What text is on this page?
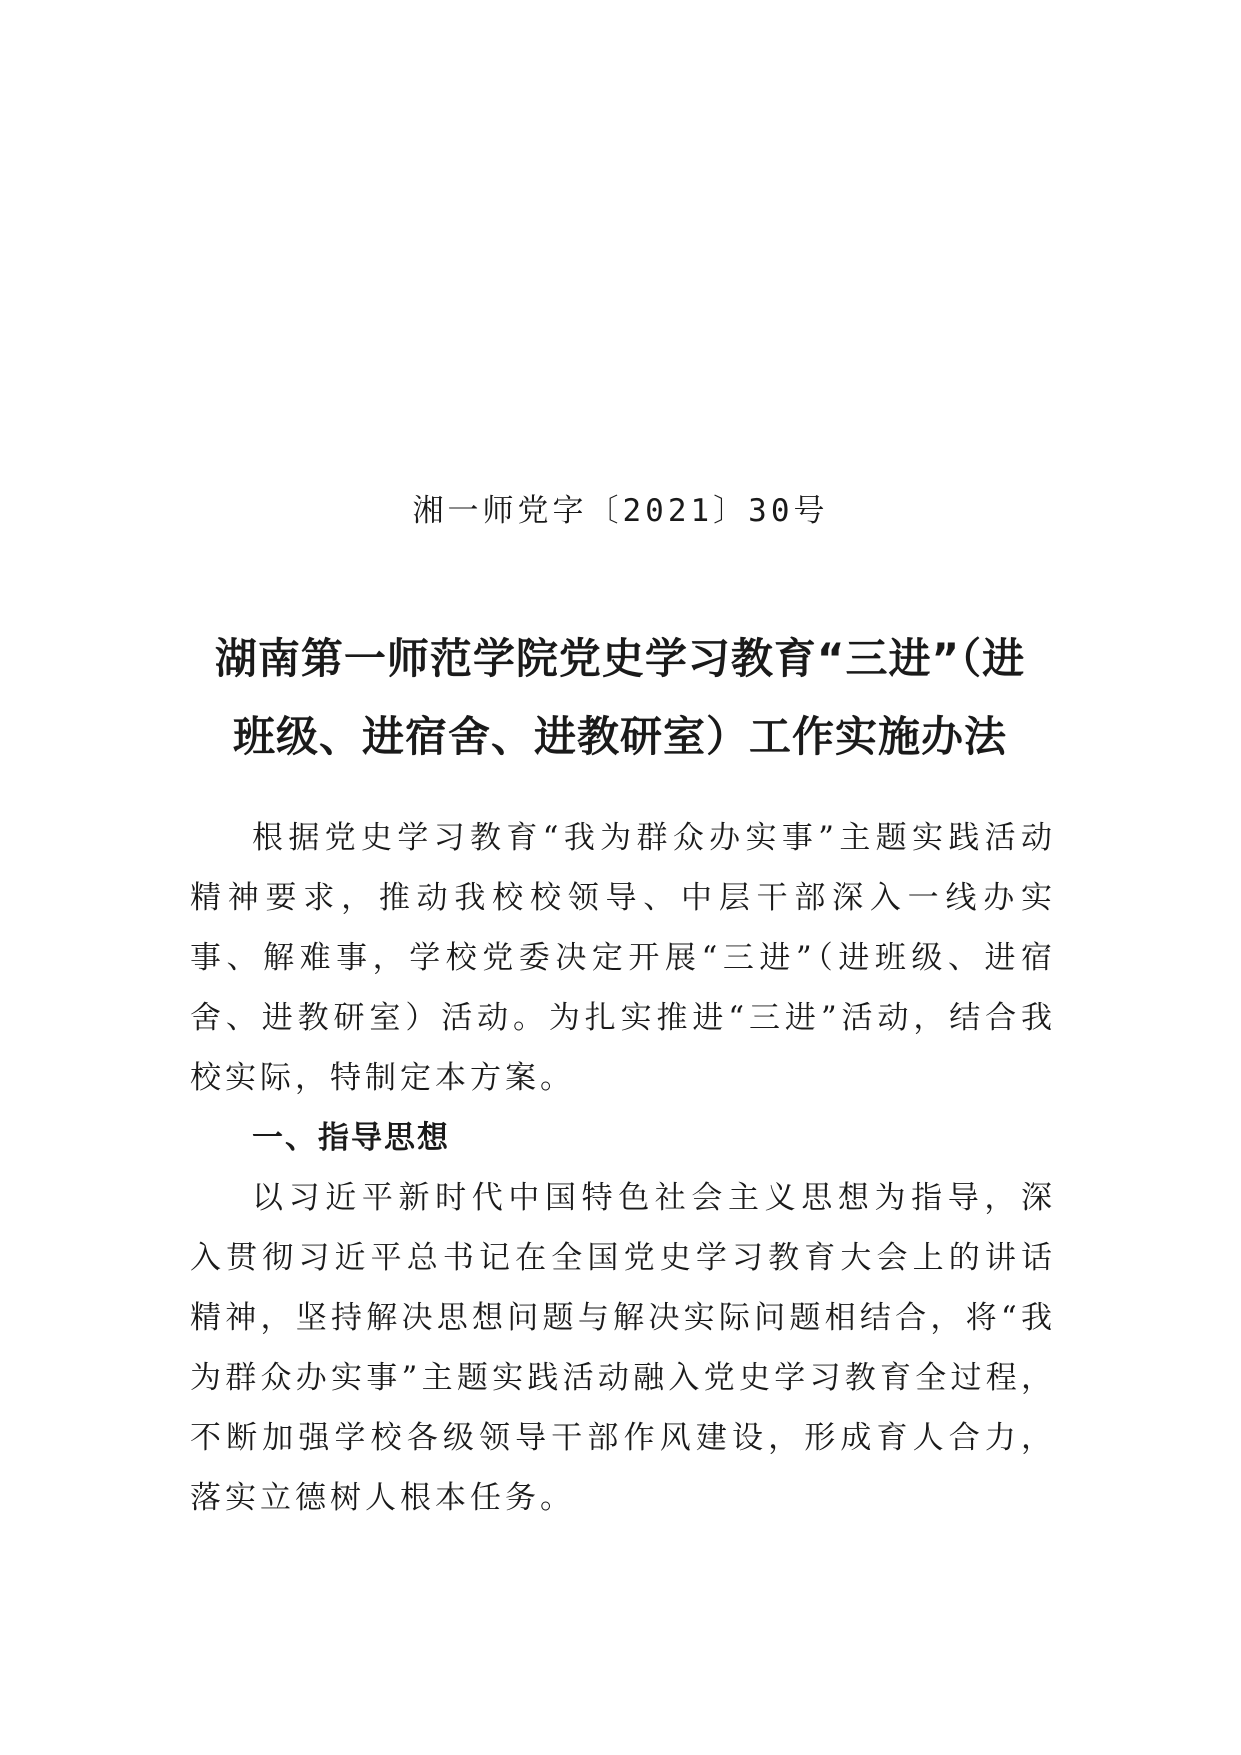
湘一师党字〔2021〕30号
湖南第一师范学院党史学习教育“三进”（进
班级、进宿舍、进教研室）工作实施办法

根据党史学习教育“我为群众办实事”主题实践活动精神要求，推动我校校领导、中层干部深入一线办实事、解难事，学校党委决定开展“三进”（进班级、进宿舍、进教研室）活动。为扎实推进“三进”活动，结合我校实际，特制定本方案。

一、指导思想

以习近平新时代中国特色社会主义思想为指导，深入贯彻习近平总书记在全国党史学习教育大会上的讲话精神，坚持解决思想问题与解决实际问题相结合，将“我为群众办实事”主题实践活动融入党史学习教育全过程，不断加强学校各级领导干部作风建设，形成育人合力，落实立德树人根本任务。
